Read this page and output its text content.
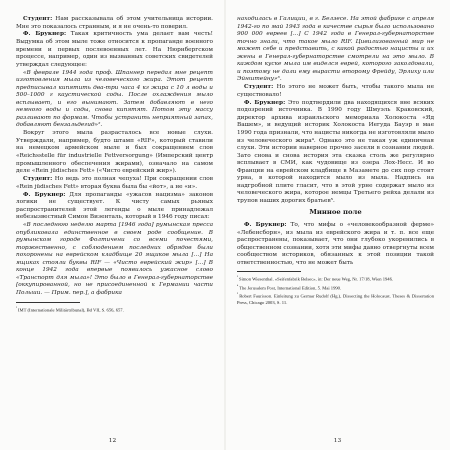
Студент: Нам рассказывала об этом учительница истории. Мне это показалось странным, и я не очень-то поверил.

Ф. Брукнер: Такая критичность ума делает вам честь! Выдумка об этом мыле тоже относится к пропаганде военного времени и первых послевоенных лет. На Нюрнбергском процессе, например, один из вызванных советских свидетелей утверждал следующее:

«В феврале 1944 года проф. Шпаннер передал мне рецепт изготовления мыла из человеческого жира. Этот рецепт предписывал кипятить два-три часа 4 кг жира с 10 л воды и 500–1000 г каустической соды. После охлаждения мыло всплывает, и его вынимают. Затем добавляют в него немного воды и соды, снова кипятят. Потом эту массу разливают по формам. Чтобы устранить неприятный запах, добавляют бензальдегид»².

Вокруг этого мыла разрасталось все новые слухи. Утверждали, например, будто штамп «RIF», который ставили на немецком армейском мыле и был сокращением слов «Reichsstelle für industrielle Fettversorgung» (Имперский центр промышленного обеспечения жирами), означало на самом деле «Rein jüdisches Fett» («Чисто еврейский жир»).

Студент: Но ведь это полная чепуха! При сокращении слов «Rein jüdisches Fett» вторая буква была бы «йот», а не «и».

Ф. Брукнер: Для пропаганды «ужасов нацизма» законов логики не существует. К чисту самых рьяных распространителей этой легенды о мыле принадлежал небезызвестный Симон Визенталь, который в 1946 году писал:

«В последнюю неделю марта [1946 года] румынская пресса опубликовала единственное в своем роде сообщение. В румынском городе Фолтичени со всеми почестями, торжественно, с соблюдением последних обрядов были похоронены на еврейском кладбище 20 ящиков мыла [...] На ящиках стояли буквы RIF — «Чисто еврейский жир» [...] В конце 1942 года впервые появилось ужасное слово «Транспорт для мыла»! Это было в Генерал-губернаторстве [оккупированной, но не присоединенной к Германии части Польши. — Прим. пер.], а фабрика

$^{^2}$IMT (Internationale Militärtribunal), Bd VII, S. 656, 657.

12

находилась в Галиции, в г. Белзесе. На этой фабрике с апреля 1942-го по май 1943 года в качестве сырья было использовано 900 000 евреев [...] С 1942 года в Генерал-губернаторстве точно знали, что такое мыло RIF. Цивилизованный мир не может себе и представить, с какой радостью нацисты и их жены в Генерал-губернаторстве смотрели на это мыло. В каждом куске мыла им виделся еврей, которого заколдовали, и поэтому не дали ему вырасти второму Фрейду, Эрлиху или Эйнштейну»³.

Студент: Но этого не может быть, чтобы такого мыла не существовало!

Ф. Брукнер: Это подтвердили два находящихся вне всяких подозрений источника. В 1990 году Шмуэль Краковский, директор архива израильского мемориала Холокоста «Яд Вашем», и ведущий историк Холокоста Иегуда Бауэр в мае 1990 года признали, что нацисты никогда не изготовляли мыло из человеческого жира⁴. Однако это не такая уж единичная слухи. Эти истории наверное прочно засели в сознании людей. Зато снова и снова история эта сказка столь же регулярно всплывает в СМИ, как чудовище из озера Лох-Несс. И во Франции на еврейском кладбище в Мазамете до сих пор стоит урна, в которой находится мыло из мыла. Надпись на надгробной плите гласит, что в этой урне содержат мыло из человеческого жира, которое немцы Третьего рейха делали из трупов наших дорогих братьев⁵.

Минное поле

Ф. Брукнер: То, что мифы о «человекообразной ферме» «Лебенсборн», из мыла из еврейского жира и т. п. все еще распространены, показывает, что они глубоко укоренились в общественном сознании, хотя эти мифы давно отвергнуты всем сообществом историков, обязанных к этой позиции такой ответственностью, что не может быть

$^{^3}$Simon Wiesenthal. «Seifenfabrik Belsec», in: Der neue Weg, Nr. 17/18, Wien 1946.

$^{^4}$The Jerusalem Post, International Edition, 5. Mai 1990.

$^{^5}$Robert Faurisson. Einleitung zu Germar Rudolf (Hg.), Dissecting the Holocaust. Theses & Dissertation Press, Chicago 2003, S. 11.

13
